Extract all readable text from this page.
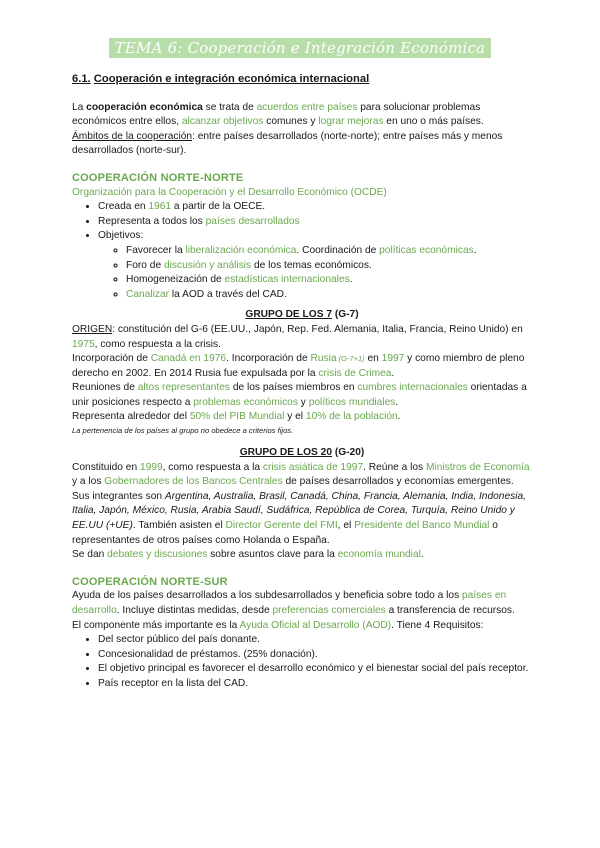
TEMA 6: Cooperación e Integración Económica
6.1. Cooperación e integración económica internacional

La cooperación económica se trata de acuerdos entre países para solucionar problemas económicos entre ellos, alcanzar objetivos comunes y lograr mejoras en uno o más países.
Ámbitos de la cooperación: entre países desarrollados (norte-norte); entre países más y menos desarrollados (norte-sur).

COOPERACIÓN NORTE-NORTE

Organización para la Cooperación y el Desarrollo Económico (OCDE)

• Creada en 1961 a partir de la OECE.
• Representa a todos los países desarrollados
• Objetivos:
◦ Favorecer la liberalización económica. Coordinación de políticas económicas.
◦ Foro de discusión y análisis de los temas económicos.
◦ Homogeneización de estadísticas internacionales.
◦ Canalizar la AOD a través del CAD.
GRUPO DE LOS 7 (G-7)

ORIGEN: constitución del G-6 (EE.UU., Japón, Rep. Fed. Alemania, Italia, Francia, Reino Unido) en 1975, como respuesta a la crisis.

Incorporación de Canadá en 1976. Incorporación de Rusia (G-7+1) en 1997 y como miembro de pleno derecho en 2002. En 2014 Rusia fue expulsada por la crisis de Crimea.

Reuniones de altos representantes de los países miembros en cumbres internacionales orientadas a unir posiciones respecto a problemas económicos y políticos mundiales.

Representa alrededor del 50% del PIB Mundial y el 10% de la población.

La pertenencia de los países al grupo no obedece a criterios fijos.

GRUPO DE LOS 20 (G-20)

Constituido en 1999, como respuesta a la crisis asiática de 1997. Reúne a los Ministros de Economía y a los Gobernadores de los Bancos Centrales de países desarrollados y economías emergentes.

Sus integrantes son Argentina, Australia, Brasil, Canadá, China, Francia, Alemania, India, Indonesia, Italia, Japón, México, Rusia, Arabia Saudí, Sudáfrica, República de Corea, Turquía, Reino Unido y EE.UU (+UE). También asisten el Director Gerente del FMI, el Presidente del Banco Mundial o representantes de otros países como Holanda o España.

Se dan debates y discusiones sobre asuntos clave para la economía mundial.

COOPERACIÓN NORTE-SUR

Ayuda de los países desarrollados a los subdesarrollados y beneficia sobre todo a los países en desarrollo. Incluye distintas medidas, desde preferencias comerciales a transferencia de recursos.

El componente más importante es la Ayuda Oficial al Desarrollo (AOD). Tiene 4 Requisitos:

• Del sector público del país donante.
• Concesionalidad de préstamos. (25% donación).
• El objetivo principal es favorecer el desarrollo económico y el bienestar social del país receptor.
• País receptor en la lista del CAD.
